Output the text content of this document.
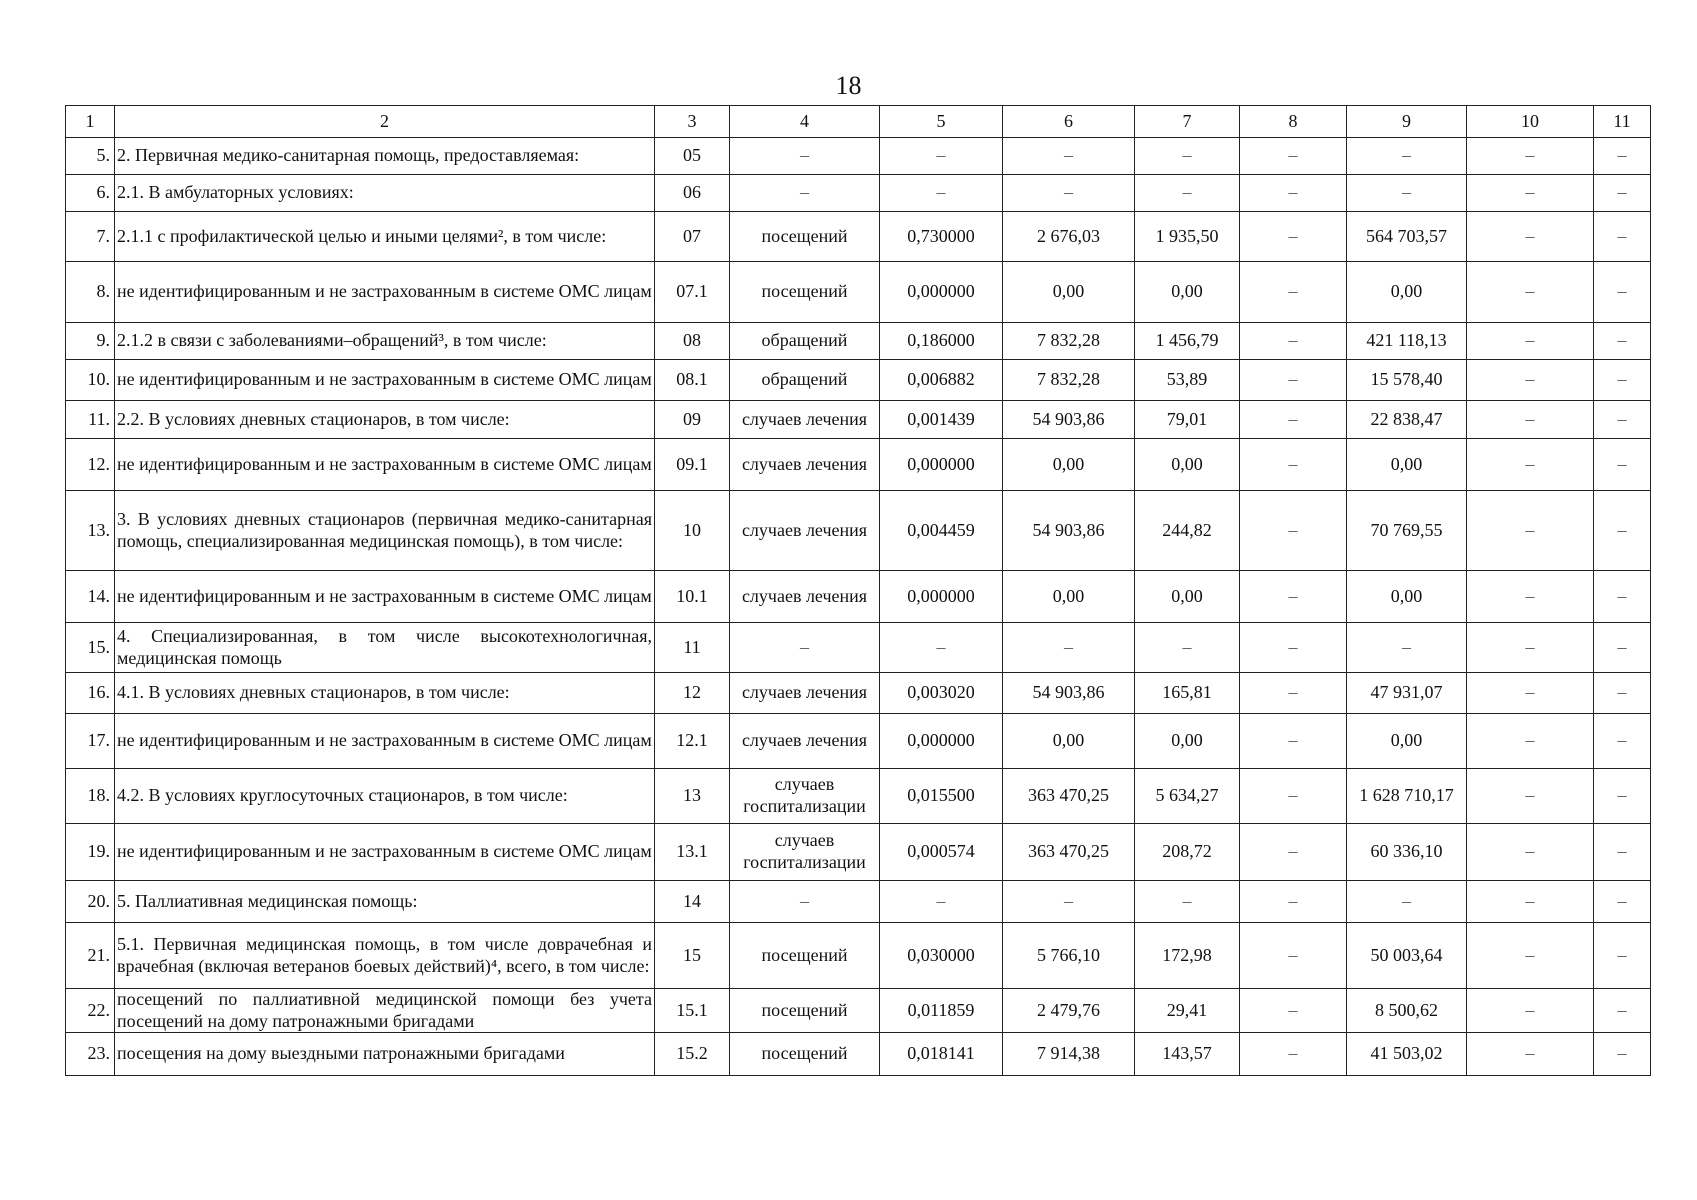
18
1	2	3	4	5	6	7	8	9	10	11
5.	2. Первичная медико-санитарная помощь, предоставляемая:	05	–	–	–	–	–	–	–	–
6.	2.1. В амбулаторных условиях:	06	–	–	–	–	–	–	–	–
7.	2.1.1 с профилактической целью и иными целями², в том числе:	07	посещений	0,730000	2 676,03	1 935,50	–	564 703,57	–	–
8.	не идентифицированным и не застрахованным в системе ОМС лицам	07.1	посещений	0,000000	0,00	0,00	–	0,00	–	–
9.	2.1.2 в связи с заболеваниями–обращений³, в том числе:	08	обращений	0,186000	7 832,28	1 456,79	–	421 118,13	–	–
10.	не идентифицированным и не застрахованным в системе ОМС лицам	08.1	обращений	0,006882	7 832,28	53,89	–	15 578,40	–	–
11.	2.2. В условиях дневных стационаров, в том числе:	09	случаев лечения	0,001439	54 903,86	79,01	–	22 838,47	–	–
12.	не идентифицированным и не застрахованным в системе ОМС лицам	09.1	случаев лечения	0,000000	0,00	0,00	–	0,00	–	–
13.	3. В условиях дневных стационаров (первичная медико-санитарная помощь, специализированная медицинская помощь), в том числе:	10	случаев лечения	0,004459	54 903,86	244,82	–	70 769,55	–	–
14.	не идентифицированным и не застрахованным в системе ОМС лицам	10.1	случаев лечения	0,000000	0,00	0,00	–	0,00	–	–
15.	4. Специализированная, в том числе высокотехнологичная, медицинская помощь	11	–	–	–	–	–	–	–	–
16.	4.1. В условиях дневных стационаров, в том числе:	12	случаев лечения	0,003020	54 903,86	165,81	–	47 931,07	–	–
17.	не идентифицированным и не застрахованным в системе ОМС лицам	12.1	случаев лечения	0,000000	0,00	0,00	–	0,00	–	–
18.	4.2. В условиях круглосуточных стационаров, в том числе:	13	случаев госпитализации	0,015500	363 470,25	5 634,27	–	1 628 710,17	–	–
19.	не идентифицированным и не застрахованным в системе ОМС лицам	13.1	случаев госпитализации	0,000574	363 470,25	208,72	–	60 336,10	–	–
20.	5. Паллиативная медицинская помощь:	14	–	–	–	–	–	–	–	–
21.	5.1. Первичная медицинская помощь, в том числе доврачебная и врачебная (включая ветеранов боевых действий)⁴, всего, в том числе:	15	посещений	0,030000	5 766,10	172,98	–	50 003,64	–	–
22.	посещений по паллиативной медицинской помощи без учета посещений на дому патронажными бригадами	15.1	посещений	0,011859	2 479,76	29,41	–	8 500,62	–	–
23.	посещения на дому выездными патронажными бригадами	15.2	посещений	0,018141	7 914,38	143,57	–	41 503,02	–	–
